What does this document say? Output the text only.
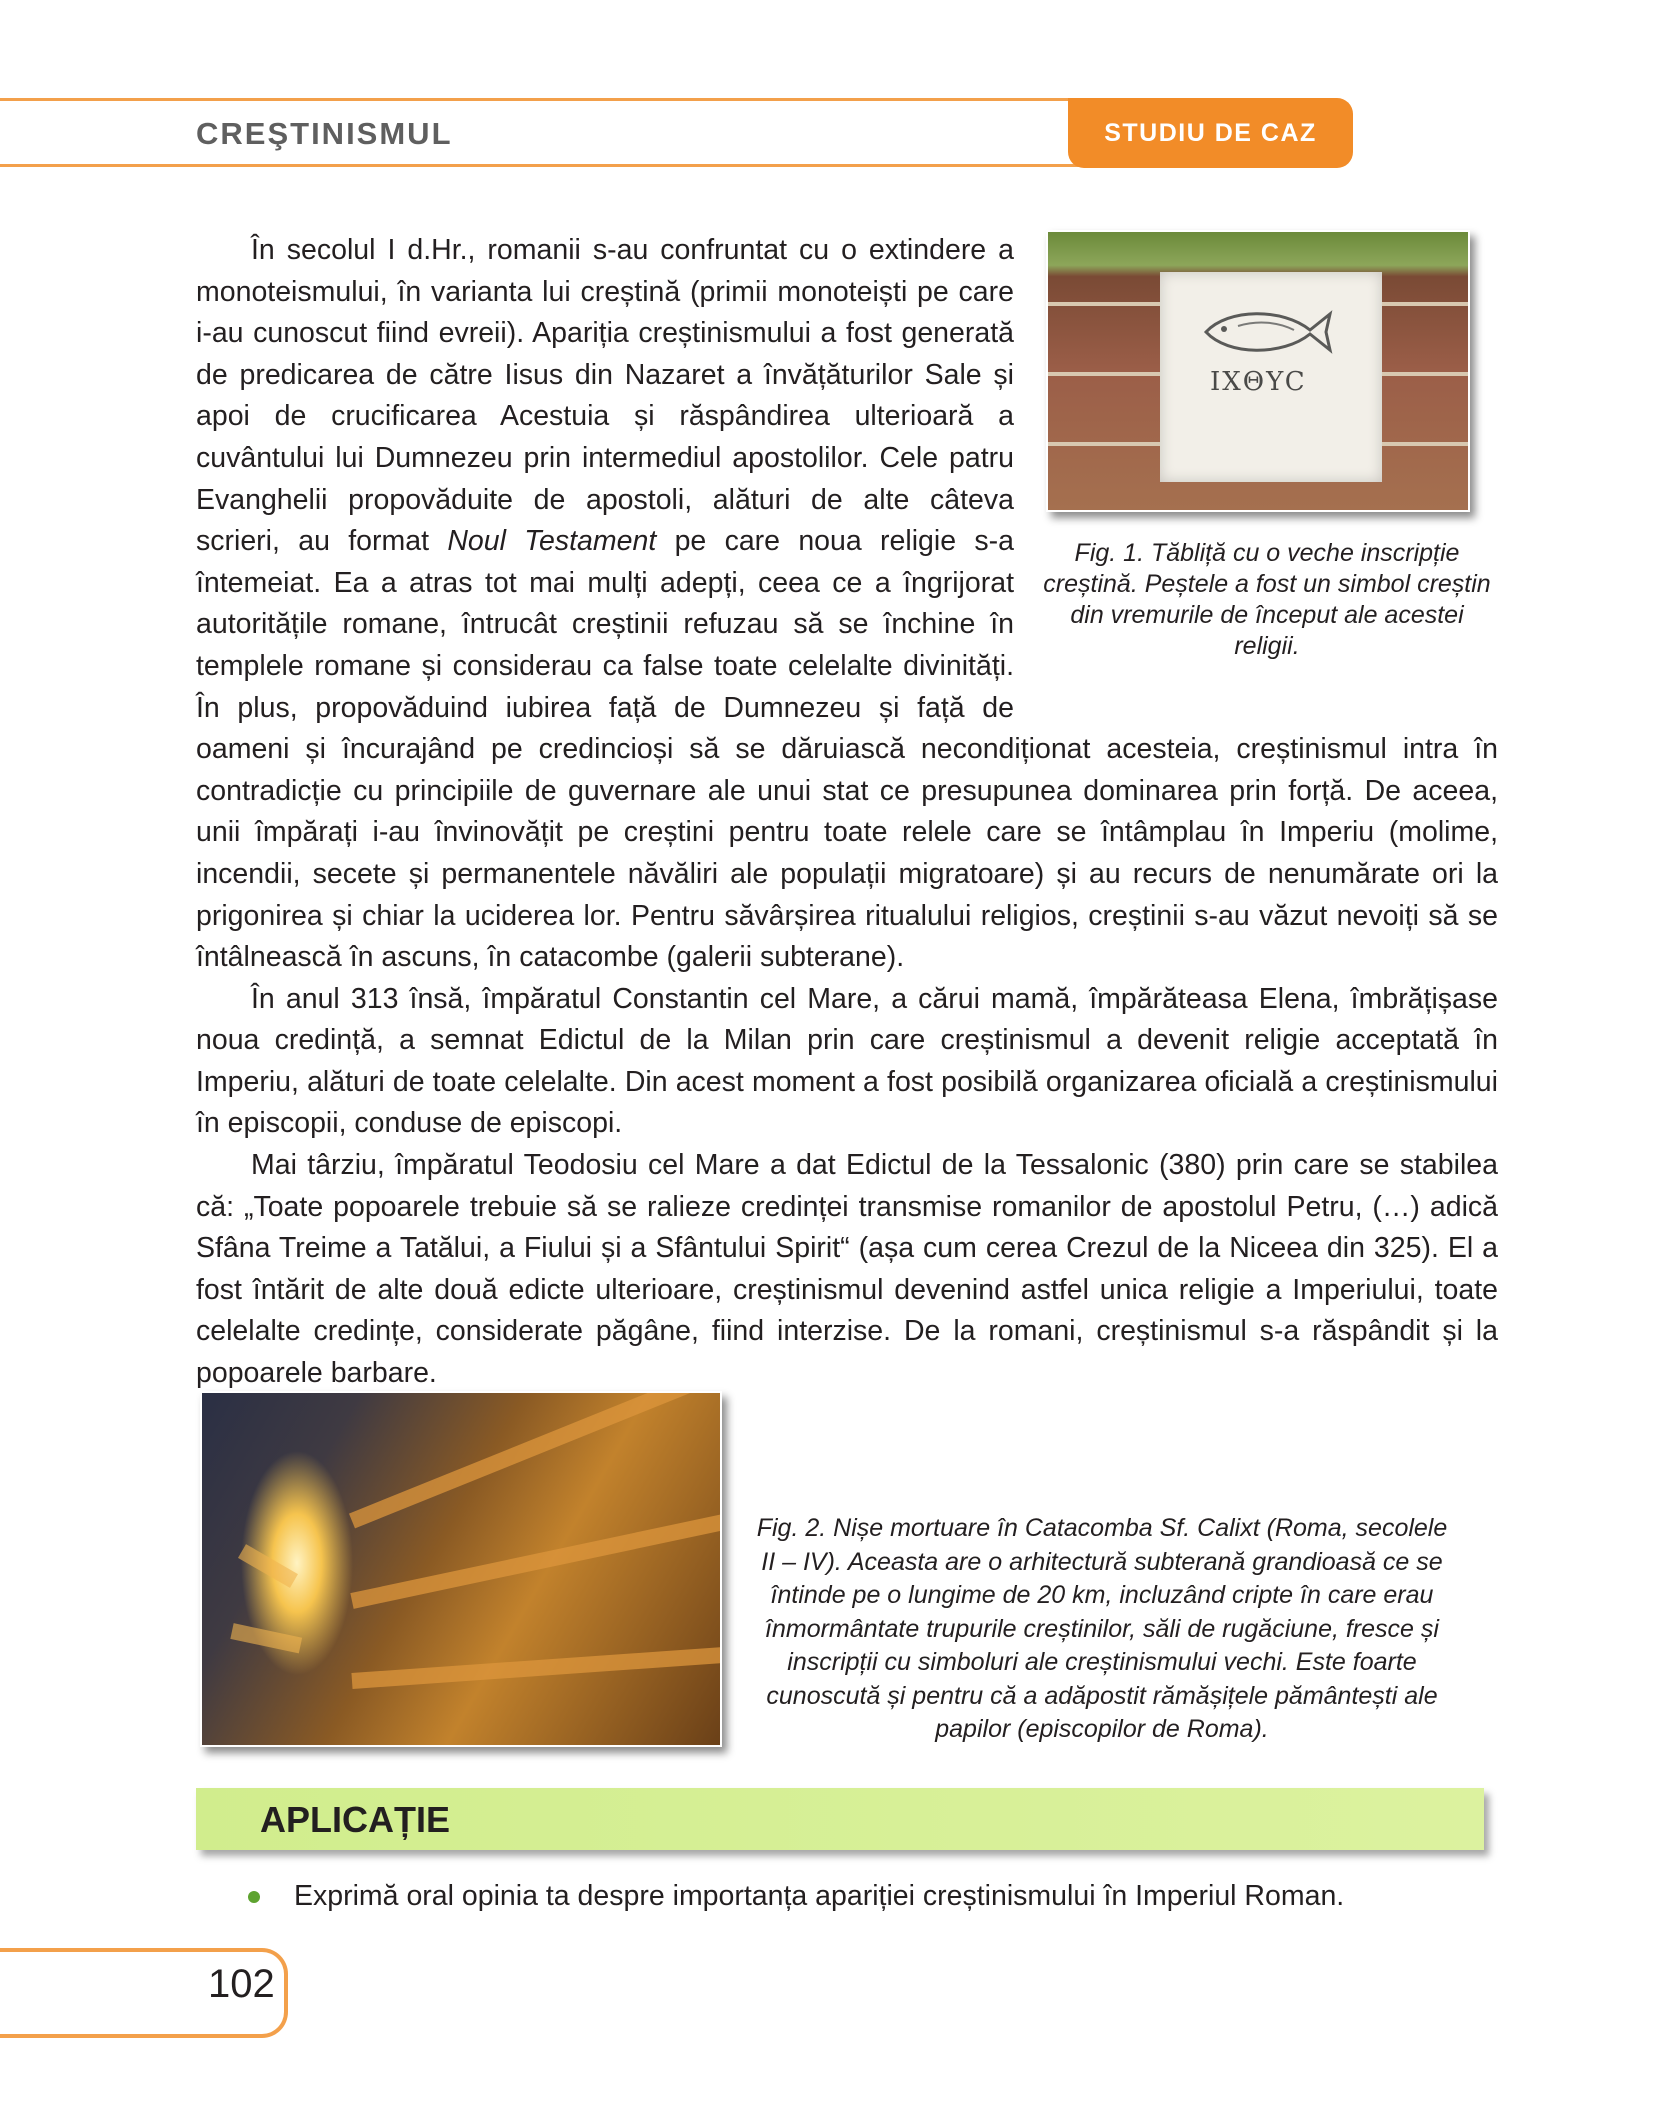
CREŞTINISMUL	STUDIU DE CAZ
IXΘYC
Fig. 1. Tăbliță cu o veche inscripție creștină. Peștele a fost un simbol creștin din vremurile de început ale acestei religii.

În secolul I d.Hr., romanii s-au confruntat cu o extindere a monoteismului, în varianta lui creștină (primii monoteiști pe care i-au cunoscut fiind evreii). Apariția creștinismului a fost generată de predicarea de către Iisus din Nazaret a învățăturilor Sale și apoi de crucificarea Acestuia și răspândirea ulterioară a cuvântului lui Dumnezeu prin intermediul apostolilor. Cele patru Evanghelii propovăduite de apostoli, alături de alte câteva scrieri, au format Noul Testament pe care noua religie s-a întemeiat. Ea a atras tot mai mulți adepți, ceea ce a îngrijorat autoritățile romane, întrucât creștinii refuzau să se închine în templele romane și considerau ca false toate celelalte divinități. În plus, propovăduind iubirea față de Dumnezeu și față de oameni și încurajând pe credincioși să se dăruiască necondiționat acesteia, creștinismul intra în contradicție cu principiile de guvernare ale unui stat ce presupunea dominarea prin forță. De aceea, unii împărați i-au învinovățit pe creștini pentru toate relele care se întâmplau în Imperiu (molime, incendii, secete și permanentele năvăliri ale populații migratoare) și au recurs de nenumărate ori la prigonirea și chiar la uciderea lor. Pentru săvârșirea ritualului religios, creștinii s-au văzut nevoiți să se întâlnească în ascuns, în catacombe (galerii subterane).

În anul 313 însă, împăratul Constantin cel Mare, a cărui mamă, împărăteasa Elena, îmbrățișase noua credință, a semnat Edictul de la Milan prin care creștinismul a devenit religie acceptată în Imperiu, alături de toate celelalte. Din acest moment a fost posibilă organizarea oficială a creștinismului în episcopii, conduse de episcopi.

Mai târziu, împăratul Teodosiu cel Mare a dat Edictul de la Tessalonic (380) prin care se stabilea că: „Toate popoarele trebuie să se ralieze credinței transmise romanilor de apostolul Petru, (…) adică Sfâna Treime a Tatălui, a Fiului și a Sfântului Spirit“ (așa cum cerea Crezul de la Niceea din 325). El a fost întărit de alte două edicte ulterioare, creștinismul devenind astfel unica religie a Imperiului, toate celelalte credințe, considerate păgâne, fiind interzise. De la romani, creștinismul s-a răspândit și la popoarele barbare.

Fig. 2. Nișe mortuare în Catacomba Sf. Calixt (Roma, secolele II – IV). Aceasta are o arhitectură subterană grandioasă ce se întinde pe o lungime de 20 km, incluzând cripte în care erau înmormântate trupurile creștinilor, săli de rugăciune, fresce și inscripții cu simboluri ale creștinismului vechi. Este foarte cunoscută și pentru că a adăpostit rămășițele pământești ale papilor (episcopilor de Roma).
APLICAȚIE
Exprimă oral opinia ta despre importanța apariției creștinismului în Imperiul Roman.
102
